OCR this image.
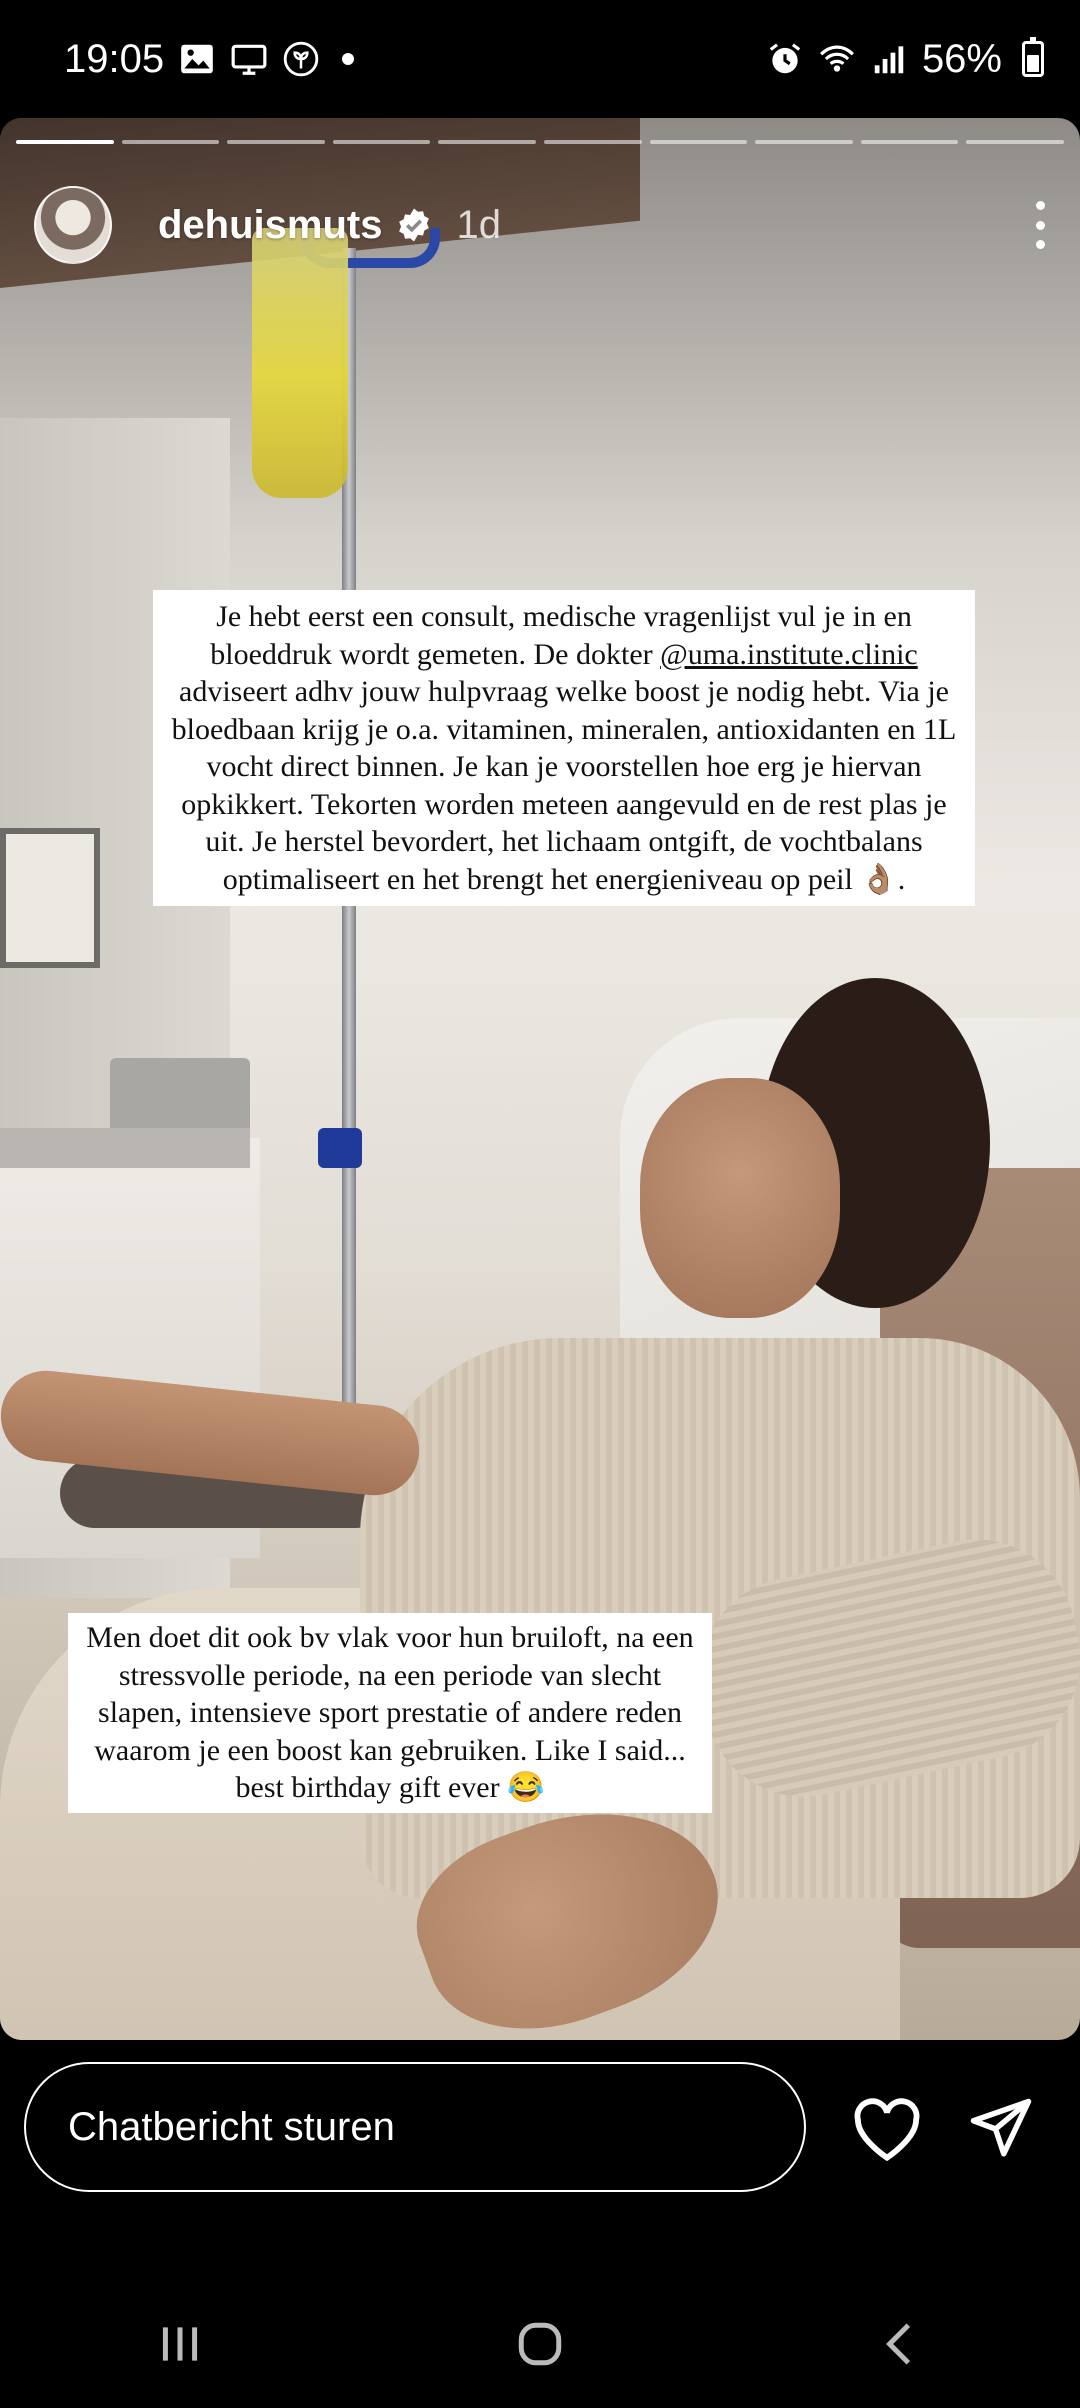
19:05	56%
dehuismuts 1d
Je hebt eerst een consult, medische vragenlijst vul je in en bloeddruk wordt gemeten. De dokter @uma.institute.clinic adviseert adhv jouw hulpvraag welke boost je nodig hebt. Via je bloedbaan krijg je o.a. vitaminen, mineralen, antioxidanten en 1L vocht direct binnen. Je kan je voorstellen hoe erg je hiervan opkikkert. Tekorten worden meteen aangevuld en de rest plas je uit. Je herstel bevordert, het lichaam ontgift, de vochtbalans optimaliseert en het brengt het energieniveau op peil 👌🏽.
Men doet dit ook bv vlak voor hun bruiloft, na een stressvolle periode, na een periode van slecht slapen, intensieve sport prestatie of andere reden waarom je een boost kan gebruiken. Like I said... best birthday gift ever 😂
Chatbericht sturen
